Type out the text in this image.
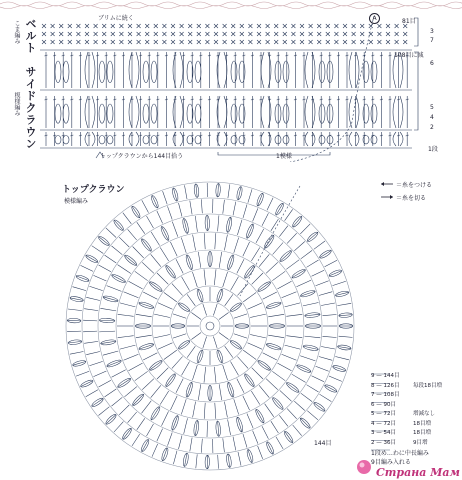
ベルト
こま編み
サイドクラウン
模様編み
ブリムに続く	A	81目
3
7
6
108目に減
5
4
2
1段
トップクラウンから144目拾う	1模様
トップクラウン
模様編み
＝糸をつける
＝糸を切る
144目
9 — 144目
8 — 126目	毎段18目増
7 — 108目
6 — 90目
5 — 72目	増減なし
4 — 72目	18目増
3 — 54目	18目増
2 — 36目	9目増
1段め…わに中長編み
9目編み入れる
Страна Мам
